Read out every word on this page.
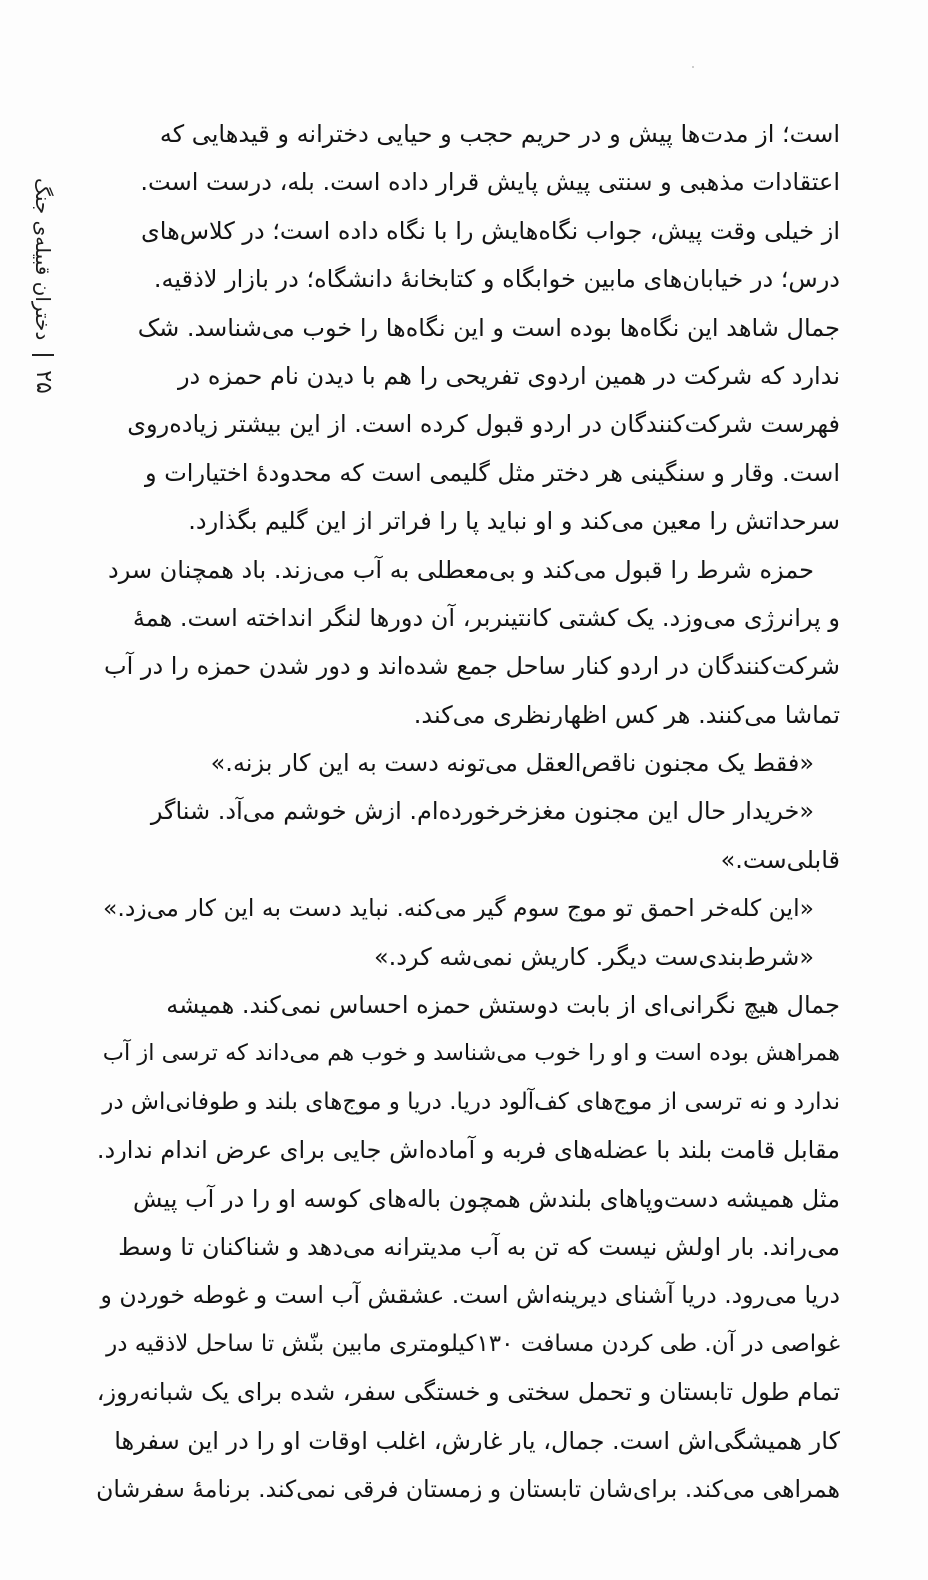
دختران قبیله‌ی جنگ
۲۵
است؛ از مدت‌ها پیش و در حریم حجب و حیایی دخترانه و قیدهایی که
اعتقادات مذهبی و سنتی پیش پایش قرار داده است. بله، درست است.
از خیلی وقت پیش، جواب نگاه‌هایش را با نگاه داده است؛ در کلاس‌های
درس؛ در خیابان‌های مابین خوابگاه و کتابخانهٔ دانشگاه؛ در بازار لاذقیه.
جمال شاهد این نگاه‌ها بوده است و این نگاه‌ها را خوب می‌شناسد. شک
ندارد که شرکت در همین اردوی تفریحی را هم با دیدن نام حمزه در
فهرست شرکت‌کنندگان در اردو قبول کرده است. از این بیشتر زیاده‌روی
است. وقار و سنگینی هر دختر مثل گلیمی است که محدودهٔ اختیارات و
سرحداتش را معین می‌کند و او نباید پا را فراتر از این گلیم بگذارد.
حمزه شرط را قبول می‌کند و بی‌معطلی به آب می‌زند. باد همچنان سرد
و پرانرژی می‌وزد. یک کشتی کانتینربر، آن دورها لنگر انداخته است. همهٔ
شرکت‌کنندگان در اردو کنار ساحل جمع شده‌اند و دور شدن حمزه را در آب
تماشا می‌کنند. هر کس اظهارنظری می‌کند.
«فقط یک مجنون ناقص‌العقل می‌تونه دست به این کار بزنه.»
«خریدار حال این مجنون مغزخرخورده‌ام. ازش خوشم می‌آد. شناگر
قابلی‌ست.»
«این کله‌خر احمق تو موج سوم گیر می‌کنه. نباید دست به این کار می‌زد.»
«شرط‌بندی‌ست دیگر. کاریش نمی‌شه کرد.»
جمال هیچ نگرانی‌ای از بابت دوستش حمزه احساس نمی‌کند. همیشه
همراهش بوده است و او را خوب می‌شناسد و خوب هم می‌داند که ترسی از آب
ندارد و نه ترسی از موج‌های کف‌آلود دریا. دریا و موج‌های بلند و طوفانی‌اش در
مقابل قامت بلند با عضله‌های فربه و آماده‌اش جایی برای عرض اندام ندارد.
مثل همیشه دست‌وپاهای بلندش همچون باله‌های کوسه او را در آب پیش
می‌راند. بار اولش نیست که تن به آب مدیترانه می‌دهد و شناکنان تا وسط
دریا می‌رود. دریا آشنای دیرینه‌اش است. عشقش آب است و غوطه خوردن و
غواصی در آن. طی کردن مسافت ۱۳۰کیلومتری مابین بنّش تا ساحل لاذقیه در
تمام طول تابستان و تحمل سختی و خستگی سفر، شده برای یک شبانه‌روز،
کار همیشگی‌اش است. جمال، یار غارش، اغلب اوقات او را در این سفرها
همراهی می‌کند. برای‌شان تابستان و زمستان فرقی نمی‌کند. برنامهٔ سفرشان
